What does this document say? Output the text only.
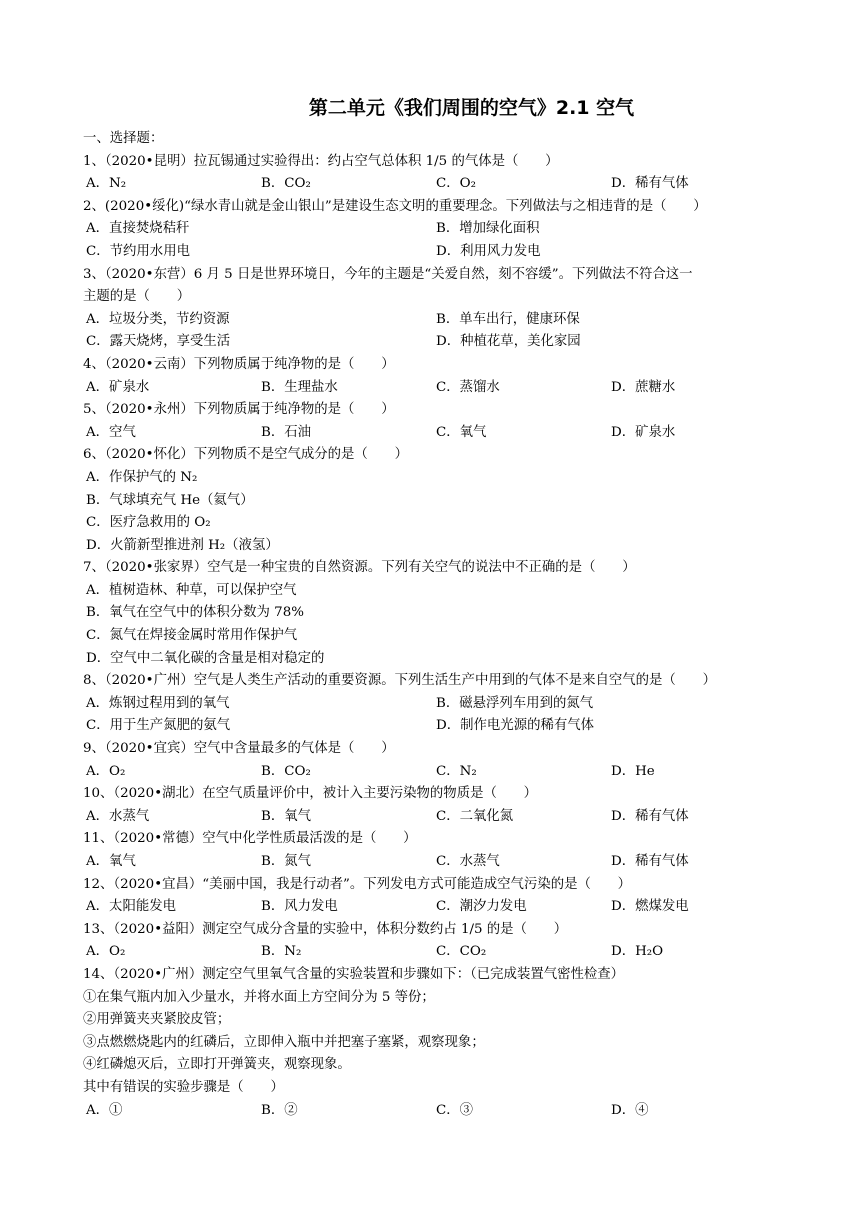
第二单元《我们周围的空气》2.1 空气
一、选择题：
1、（2020•昆明）拉瓦锡通过实验得出：约占空气总体积 1/5 的气体是（　　）
A．N₂	B．CO₂	C．O₂	D．稀有气体
2、(2020•绥化)“绿水青山就是金山银山”是建设生态文明的重要理念。下列做法与之相违背的是（　　）
A．直接焚烧秸秆	B．增加绿化面积
C．节约用水用电	D．利用风力发电
3、（2020•东营）6 月 5 日是世界环境日，今年的主题是“关爱自然，刻不容缓”。下列做法不符合这一
主题的是（　　）
A．垃圾分类，节约资源	B．单车出行，健康环保
C．露天烧烤，享受生活	D．种植花草，美化家园
4、（2020•云南）下列物质属于纯净物的是（　　）
A．矿泉水	B．生理盐水	C．蒸馏水	D．蔗糖水
5、（2020•永州）下列物质属于纯净物的是（　　）
A．空气	B．石油	C．氧气	D．矿泉水
6、（2020•怀化）下列物质不是空气成分的是（　　）
A．作保护气的 N₂
B．气球填充气 He（氦气）
C．医疗急救用的 O₂
D．火箭新型推进剂 H₂（液氢）
7、（2020•张家界）空气是一种宝贵的自然资源。下列有关空气的说法中不正确的是（　　）
A．植树造林、种草，可以保护空气
B．氧气在空气中的体积分数为 78%
C．氮气在焊接金属时常用作保护气
D．空气中二氧化碳的含量是相对稳定的
8、（2020•广州）空气是人类生产活动的重要资源。下列生活生产中用到的气体不是来自空气的是（　　）
A．炼钢过程用到的氧气	B．磁悬浮列车用到的氮气
C．用于生产氮肥的氨气	D．制作电光源的稀有气体
9、（2020•宜宾）空气中含量最多的气体是（　　）
A．O₂	B．CO₂	C．N₂	D．He
10、（2020•湖北）在空气质量评价中，被计入主要污染物的物质是（　　）
A．水蒸气	B．氧气	C．二氧化氮	D．稀有气体
11、（2020•常德）空气中化学性质最活泼的是（　　）
A．氧气	B．氮气	C．水蒸气	D．稀有气体
12、（2020•宜昌）“美丽中国，我是行动者”。下列发电方式可能造成空气污染的是（　　）
A．太阳能发电	B．风力发电	C．潮汐力发电	D．燃煤发电
13、（2020•益阳）测定空气成分含量的实验中，体积分数约占 1/5 的是（　　）
A．O₂	B．N₂	C．CO₂	D．H₂O
14、（2020•广州）测定空气里氧气含量的实验装置和步骤如下：（已完成装置气密性检查）
①在集气瓶内加入少量水，并将水面上方空间分为 5 等份；
②用弹簧夹夹紧胶皮管；
③点燃燃烧匙内的红磷后，立即伸入瓶中并把塞子塞紧，观察现象；
④红磷熄灭后，立即打开弹簧夹，观察现象。
其中有错误的实验步骤是（　　）
A．①	B．②	C．③	D．④
